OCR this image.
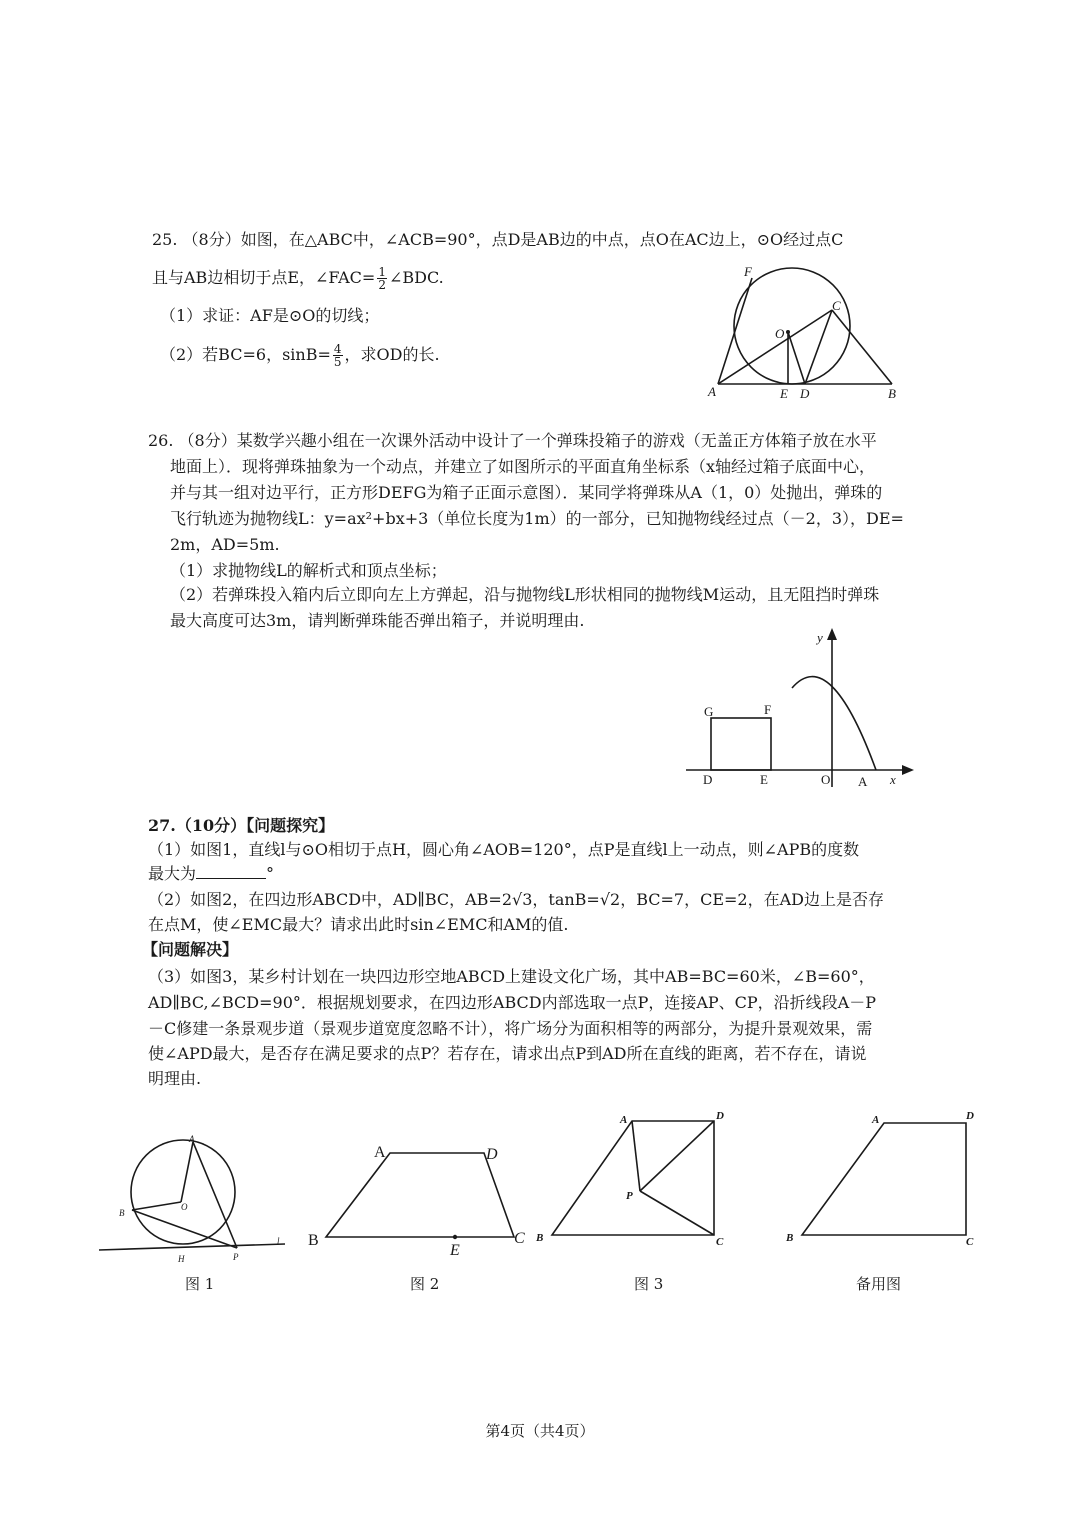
25. （8分）如图，在△ABC中，∠ACB=90°，点D是AB边的中点，点O在AC边上，⊙O经过点C
且与AB边相切于点E，∠FAC= $\frac{1}{2}$ ∠BDC.
（1）求证：AF是⊙O的切线；
（2）若BC=6，$\sin B= \frac{4}{5}$ ，求OD的长.
F
C
O
A	E D	B
26. （8分）某数学兴趣小组在一次课外活动中设计了一个弹珠投箱子的游戏（无盖正方体箱子放在水平
地面上）．现将弹珠抽象为一个动点，并建立了如图所示的平面直角坐标系（x轴经过箱子底面中心，
并与其一组对边平行，正方形DEFG为箱子正面示意图）．某同学将弹珠从A（1，0）处抛出，弹珠的
飞行轨迹为抛物线L：y=ax²+bx+3（单位长度为1m）的一部分，已知抛物线经过点（－2，3），DE=
2m，AD=5m.
（1）求抛物线L的解析式和顶点坐标；
（2）若弹珠投入箱内后立即向左上方弹起，沿与抛物线L形状相同的抛物线M运动，且无阻挡时弹珠
最大高度可达3m，请判断弹珠能否弹出箱子，并说明理由.
y
G	F
D	E	O A x
27.（10分）【问题探究】
（1）如图1，直线l与⊙O相切于点H，圆心角∠AOB=120°，点P是直线l上一动点，则∠APB的度数
最大为	°
（2）如图2，在四边形ABCD中，AD∥BC，AB=2√3，tanB=√2，BC=7，CE=2，在AD边上是否存
在点M，使∠EMC最大？请求出此时sin∠EMC和AM的值.
【问题解决】
（3）如图3，某乡村计划在一块四边形空地ABCD上建设文化广场，其中AB=BC=60米，∠B=60°，
AD∥BC,∠BCD=90°．根据规划要求，在四边形ABCD内部选取一点P，连接AP、CP，沿折线段A－P
－C修建一条景观步道（景观步道宽度忽略不计），将广场分为面积相等的两部分，为提升景观效果，需
使∠APD最大，是否存在满足要求的点P？若存在，请求出点P到AD所在直线的距离，若不存在，请说
明理由.
A
B
O
H	P
l
图 1
A	D
B	C
E
图 2
A	D
P
B	C
图 3
A	D
B	C
备用图
第4页（共4页）
